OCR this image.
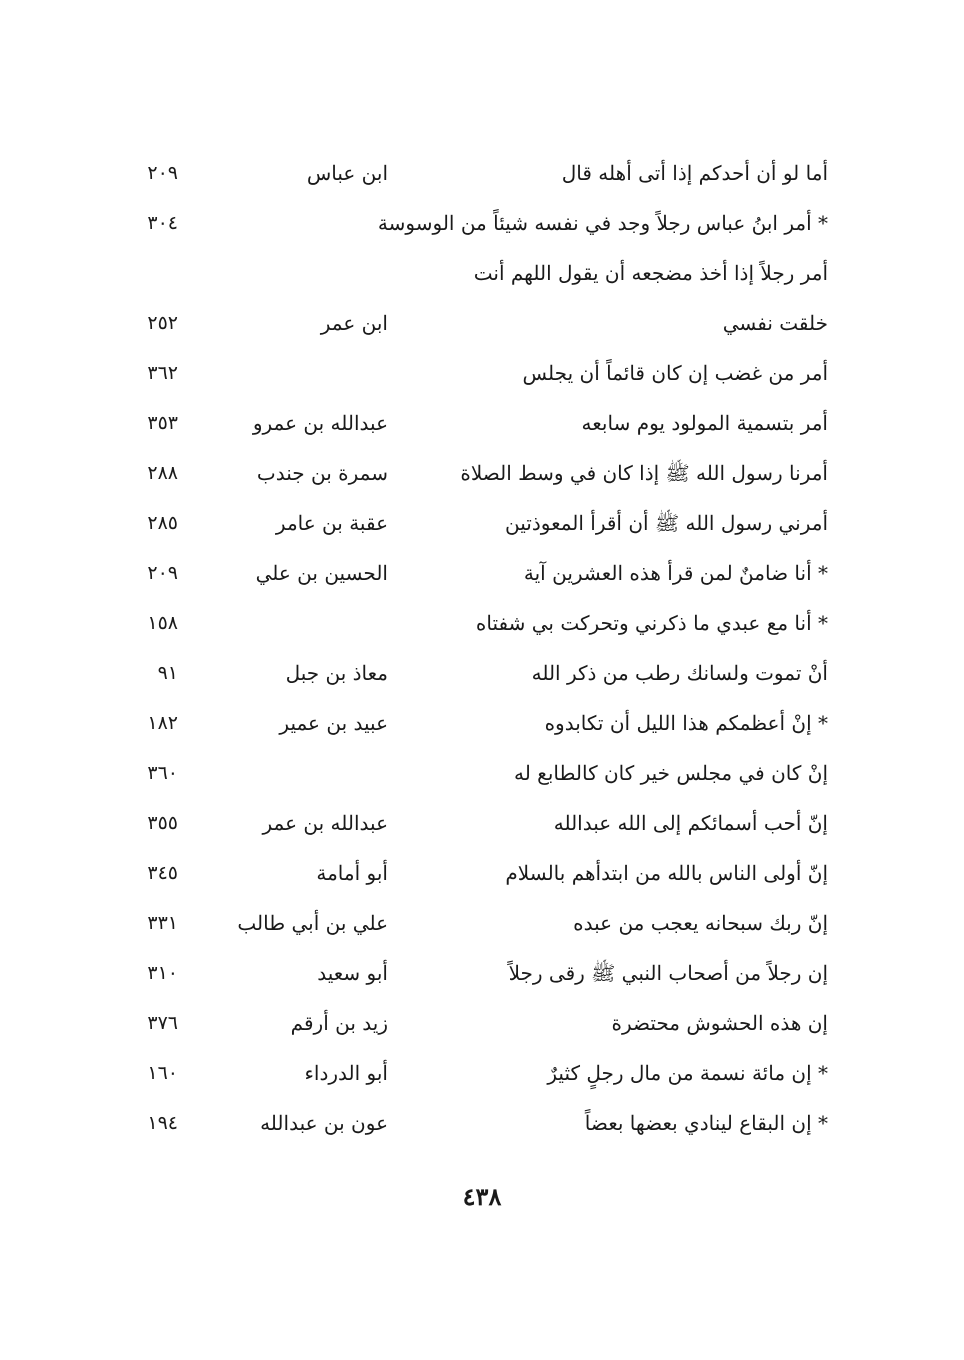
أما لو أن أحدكم إذا أتى أهله قال
ابن عباس
٢٠٩
* أمر ابنُ عباس رجلاً وجد في نفسه شيئاً من الوسوسة
٣٠٤
أمر رجلاً إذا أخذ مضجعه أن يقول اللهم أنت
خلقت نفسي
ابن عمر
٢٥٢
أمر من غضب إن كان قائماً أن يجلس
٣٦٢
أمر بتسمية المولود يوم سابعه
عبدالله بن عمرو
٣٥٣
أمرنا رسول الله ﷺ إذا كان في وسط الصلاة
سمرة بن جندب
٢٨٨
أمرني رسول الله ﷺ أن أقرأ المعوذتين
عقبة بن عامر
٢٨٥
* أنا ضامنٌ لمن قرأ هذه العشرين آية
الحسين بن علي
٢٠٩
* أنا مع عبدي ما ذكرني وتحركت بي شفتاه
١٥٨
أنْ تموت ولسانك رطب من ذكر الله
معاذ بن جبل
٩١
* إنْ أعظمكم هذا الليل أن تكابدوه
عبيد بن عمير
١٨٢
إنْ كان في مجلس خير كان كالطابع له
٣٦٠
إنّ أحب أسمائكم إلى الله عبدالله
عبدالله بن عمر
٣٥٥
إنّ أولى الناس بالله من ابتدأهم بالسلام
أبو أمامة
٣٤٥
إنّ ربك سبحانه يعجب من عبده
علي بن أبي طالب
٣٣١
إن رجلاً من أصحاب النبي ﷺ رقى رجلاً
أبو سعيد
٣١٠
إن هذه الحشوش محتضرة
زيد بن أرقم
٣٧٦
* إن مائة نسمة من مال رجلٍ كثيرٌ
أبو الدرداء
١٦٠
* إن البقاع لينادي بعضها بعضاً
عون بن عبدالله
١٩٤
٤٣٨
